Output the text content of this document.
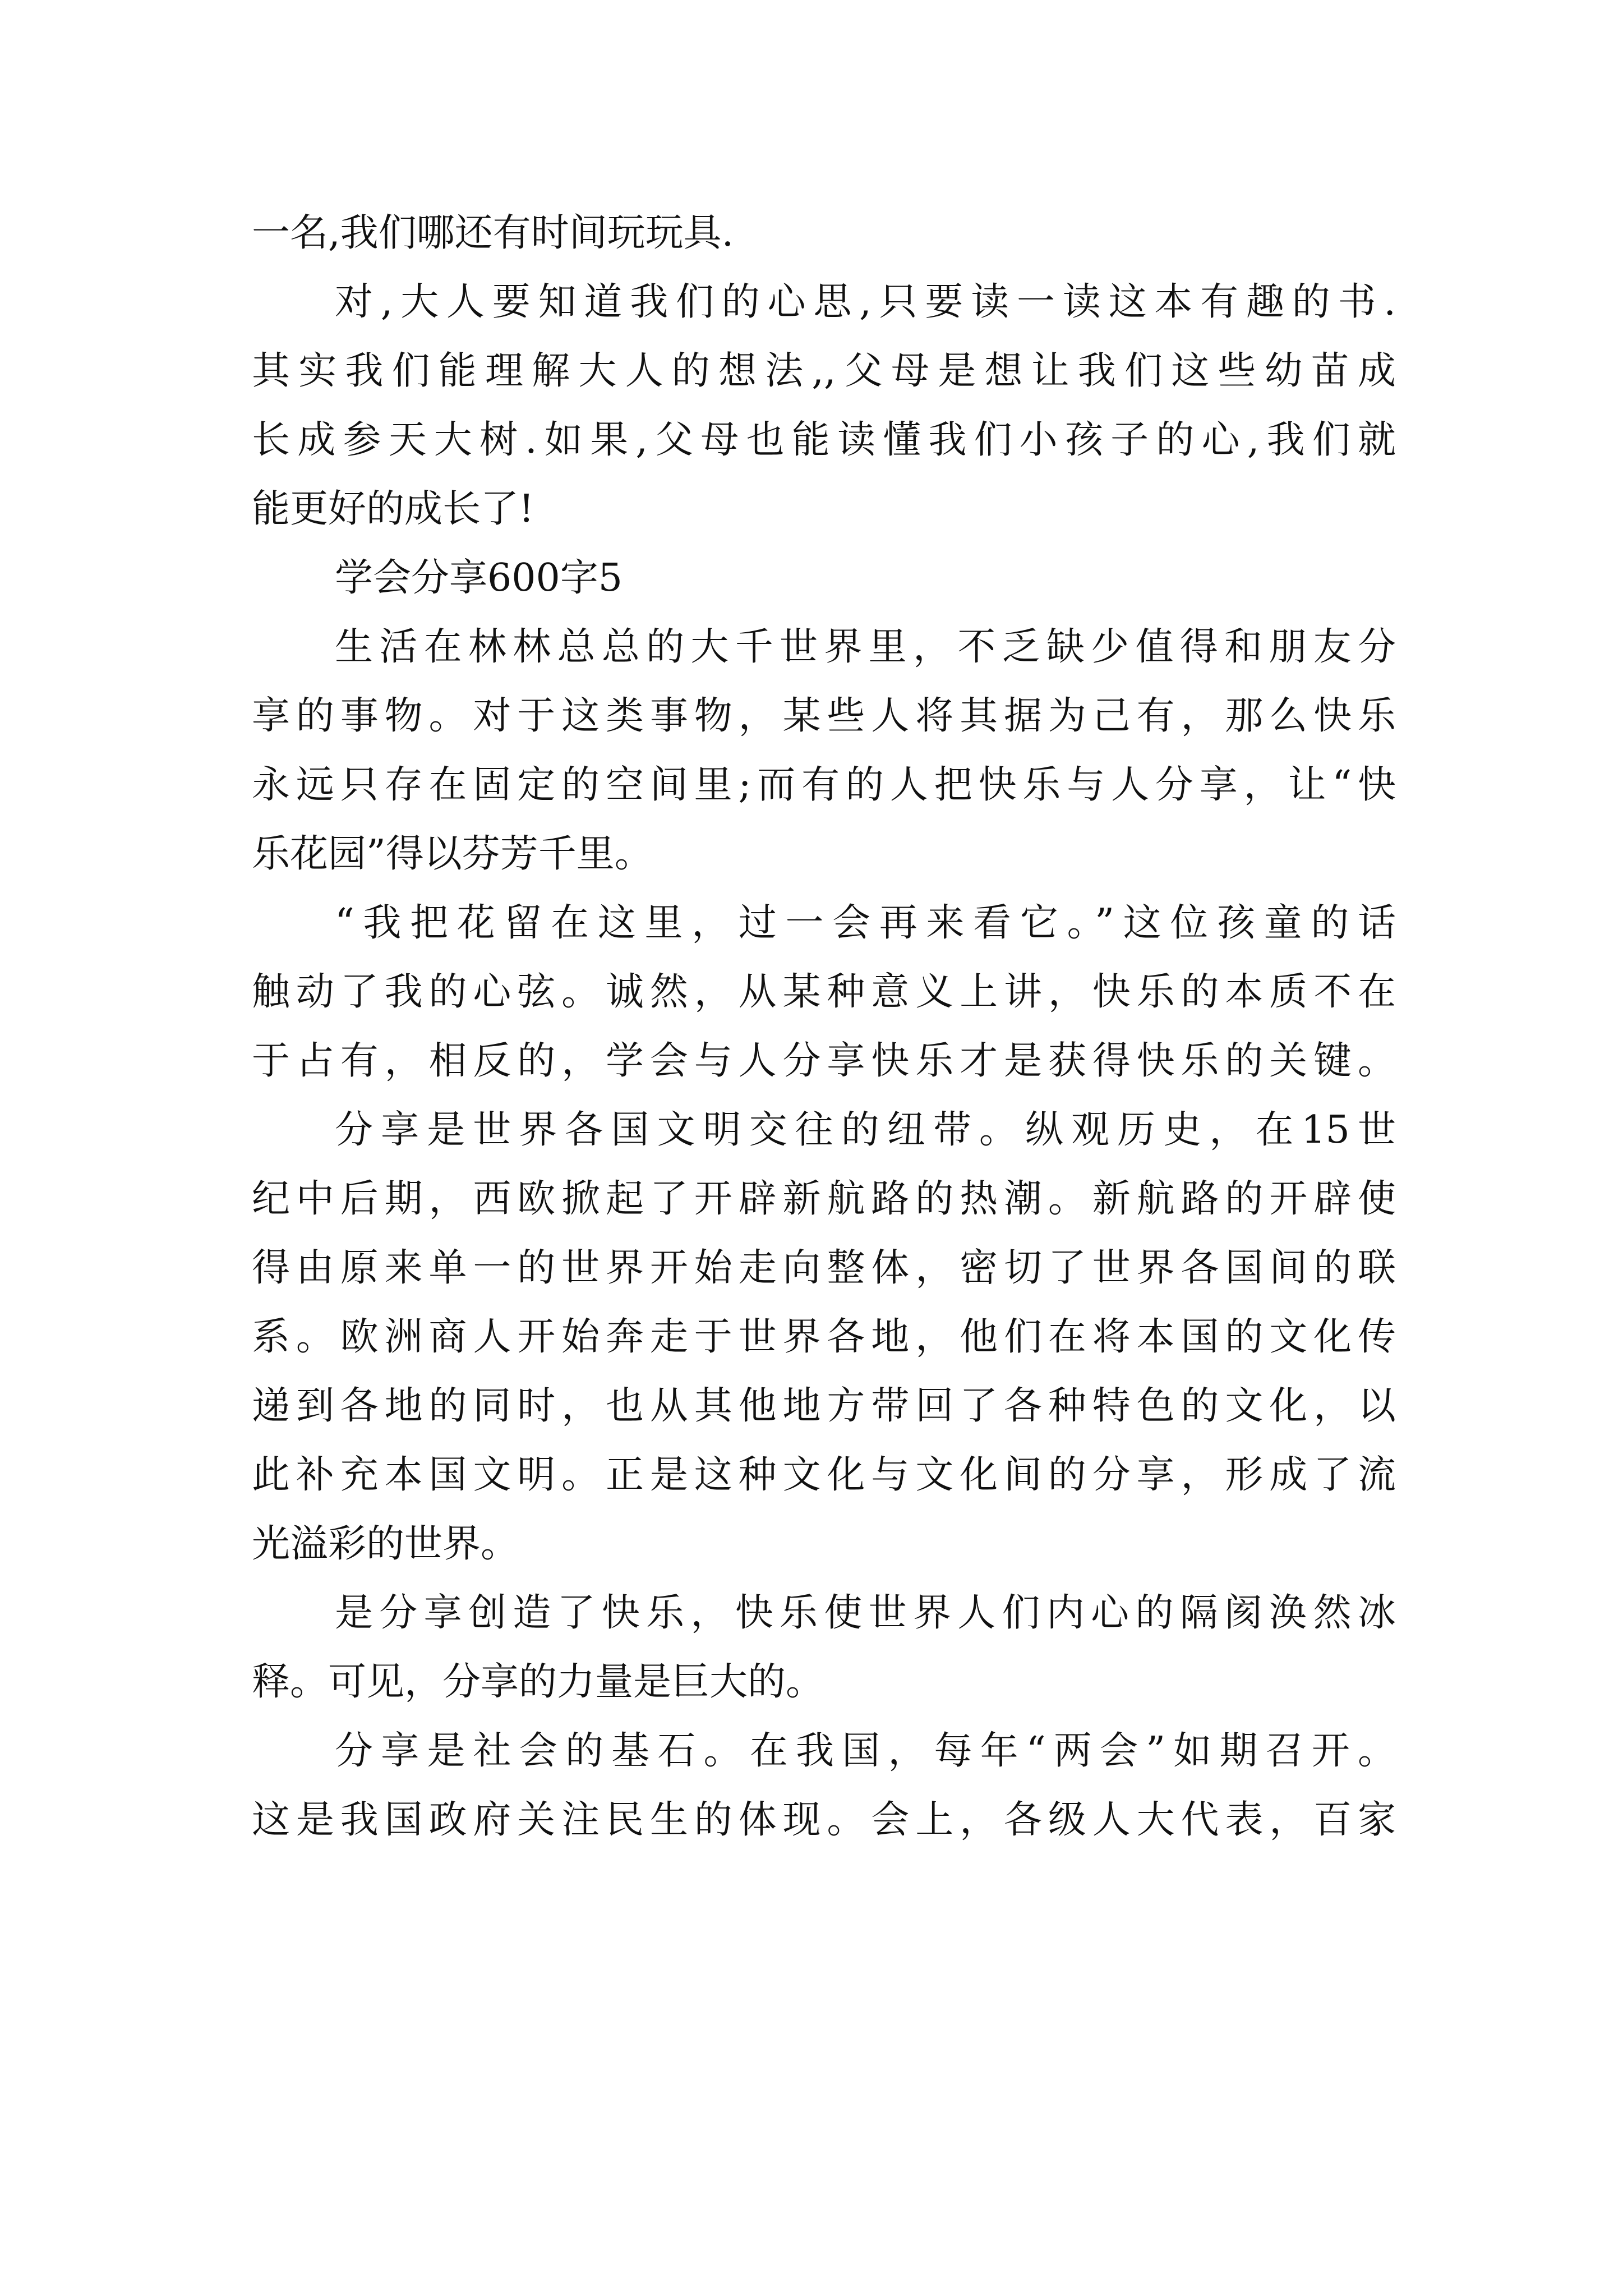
一名,我们哪还有时间玩玩具.
对,大人要知道我们的心思,只要读一读这本有趣的书.
其实我们能理解大人的想法,,父母是想让我们这些幼苗成
长成参天大树.如果,父母也能读懂我们小孩子的心,我们就
能更好的成长了!
学会分享600字5
生活在林林总总的大千世界里，不乏缺少值得和朋友分
享的事物。对于这类事物，某些人将其据为己有，那么快乐
永远只存在固定的空间里;而有的人把快乐与人分享，让“快
乐花园”得以芬芳千里。
“我把花留在这里，过一会再来看它。”这位孩童的话
触动了我的心弦。诚然，从某种意义上讲，快乐的本质不在
于占有，相反的，学会与人分享快乐才是获得快乐的关键。
分享是世界各国文明交往的纽带。纵观历史，在15世
纪中后期，西欧掀起了开辟新航路的热潮。新航路的开辟使
得由原来单一的世界开始走向整体，密切了世界各国间的联
系。欧洲商人开始奔走于世界各地，他们在将本国的文化传
递到各地的同时，也从其他地方带回了各种特色的文化，以
此补充本国文明。正是这种文化与文化间的分享，形成了流
光溢彩的世界。
是分享创造了快乐，快乐使世界人们内心的隔阂涣然冰
释。可见，分享的力量是巨大的。
分享是社会的基石。在我国，每年“两会”如期召开。
这是我国政府关注民生的体现。会上，各级人大代表，百家
